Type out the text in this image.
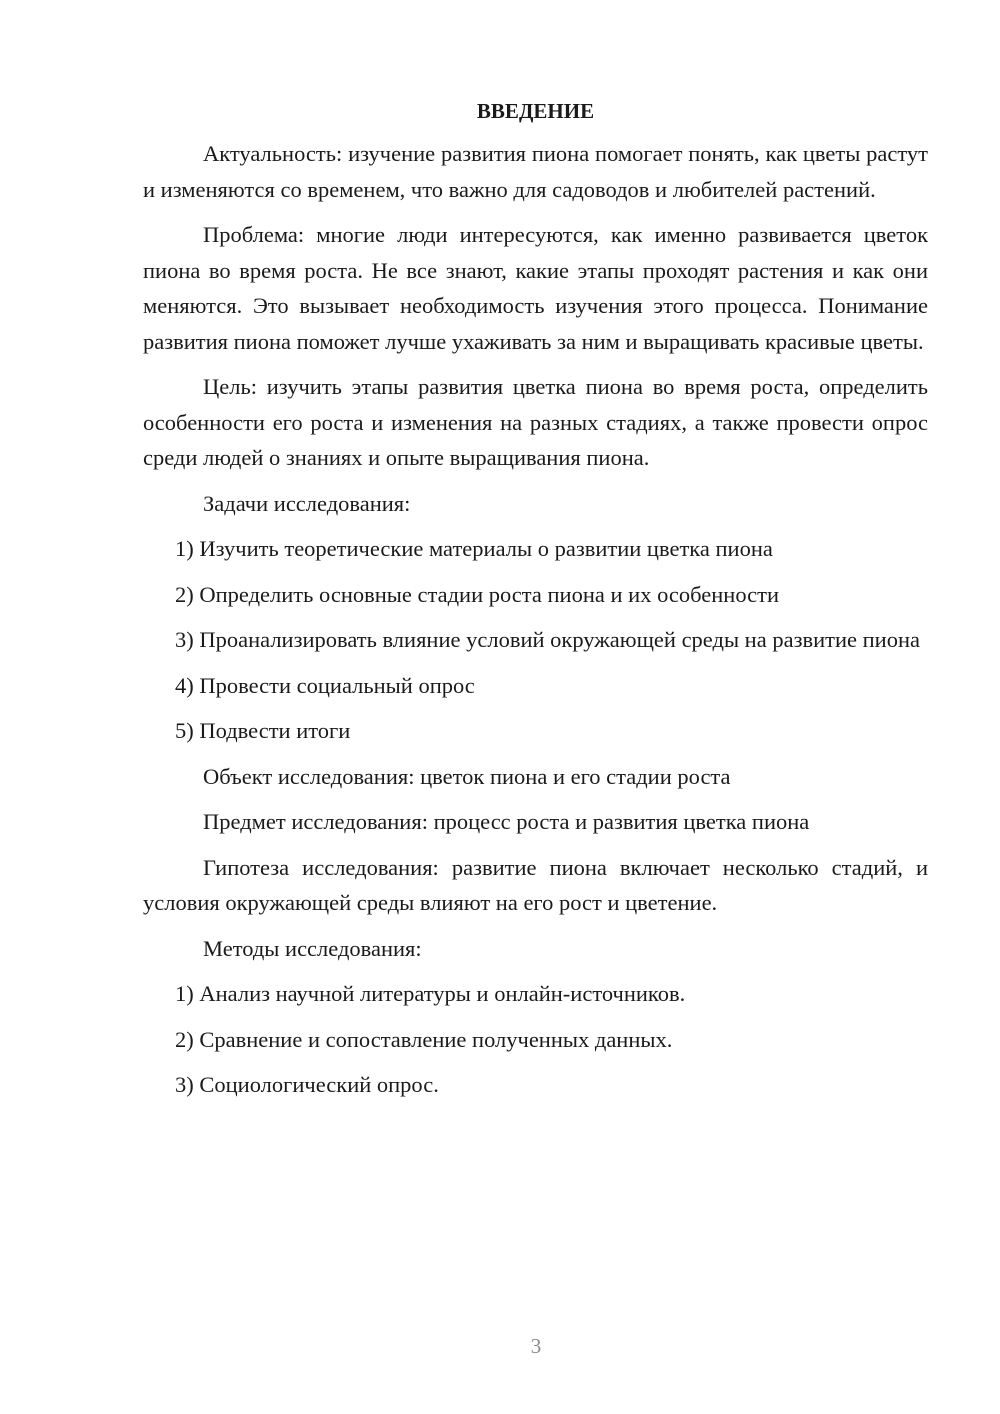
ВВЕДЕНИЕ

Актуальность: изучение развития пиона помогает понять, как цветы растут и изменяются со временем, что важно для садоводов и любителей растений.

Проблема: многие люди интересуются, как именно развивается цветок пиона во время роста. Не все знают, какие этапы проходят растения и как они меняются. Это вызывает необходимость изучения этого процесса. Понимание развития пиона поможет лучше ухаживать за ним и выращивать красивые цветы.

Цель: изучить этапы развития цветка пиона во время роста, определить особенности его роста и изменения на разных стадиях, а также провести опрос среди людей о знаниях и опыте выращивания пиона.

Задачи исследования:

1) Изучить теоретические материалы о развитии цветка пиона

2) Определить основные стадии роста пиона и их особенности

3) Проанализировать влияние условий окружающей среды на развитие пиона

4) Провести социальный опрос

5) Подвести итоги

Объект исследования: цветок пиона и его стадии роста

Предмет исследования: процесс роста и развития цветка пиона

Гипотеза исследования: развитие пиона включает несколько стадий, и условия окружающей среды влияют на его рост и цветение.

Методы исследования:

1) Анализ научной литературы и онлайн-источников.

2) Сравнение и сопоставление полученных данных.

3) Социологический опрос.

3
